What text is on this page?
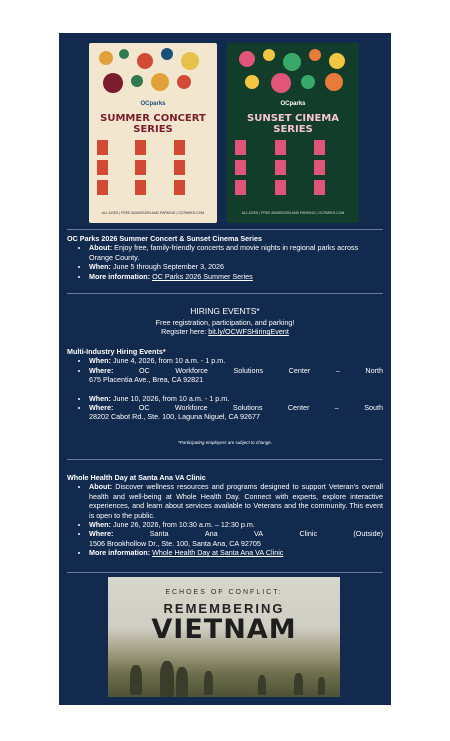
OCparks
SUMMER CONCERT SERIES
ALL AGES | FREE ADMISSION AND PARKING | OCPARKS.COM
OCparks
SUNSET CINEMA SERIES
ALL AGES | FREE ADMISSION AND PARKING | OCPARKS.COM
OC Parks 2026 Summer Concert & Sunset Cinema Series
• About: Enjoy free, family-friendly concerts and movie nights in regional parks across Orange County.
• When: June 5 through September 3, 2026
• More information: OC Parks 2026 Summer Series
HIRING EVENTS*
Free registration, participation, and parking!
Register here: bit.ly/OCWFSHiringEvent
Multi-Industry Hiring Events*
• When: June 4, 2026, from 10 a.m. - 1 p.m.
• Where:	OC	Workforce	Solutions	Center	–	North
675 Placentia Ave., Brea, CA 92821
• When: June 10, 2026, from 10 a.m. - 1 p.m.
• Where:	OC	Workforce	Solutions	Center	–	South
28202 Cabot Rd., Ste. 100, Laguna Niguel, CA 92677
*Participating employers are subject to change.
Whole Health Day at Santa Ana VA Clinic
• About: Discover wellness resources and programs designed to support Veteran’s overall health and well-being at Whole Health Day. Connect with experts, explore interactive experiences, and learn about services available to Veterans and the community. This event is open to the public.
• When: June 26, 2026, from 10:30 a.m. – 12:30 p.m.
• Where:	Santa	Ana	VA	Clinic	(Outside)
1506 Brookhollow Dr., Ste. 100, Santa Ana, CA 92705
• More information: Whole Health Day at Santa Ana VA Clinic
ECHOES OF CONFLICT:
REMEMBERING
VIETNAM
